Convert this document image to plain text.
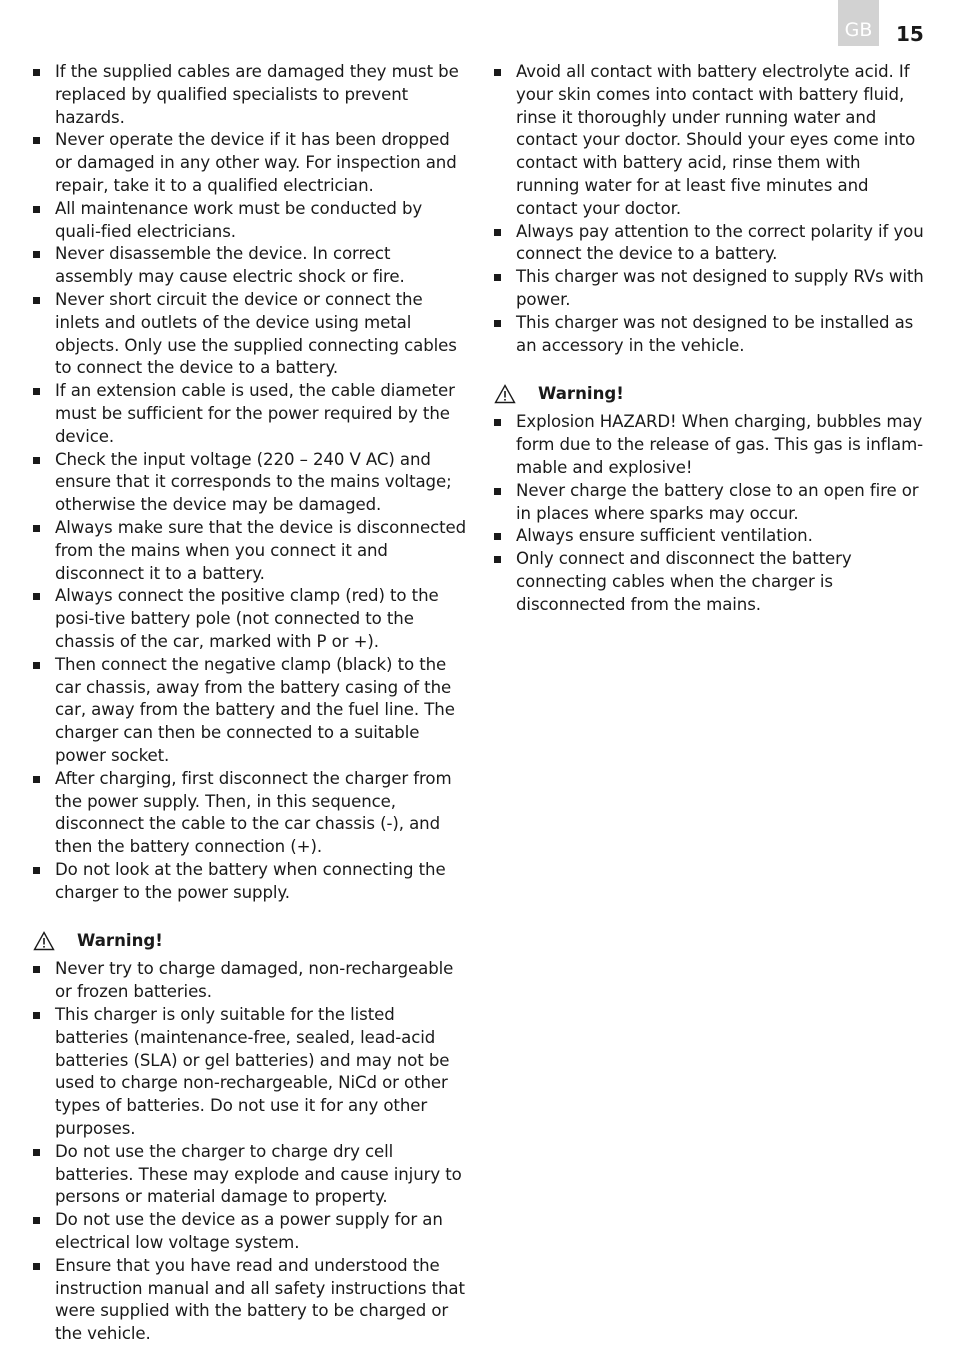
GB	15
If the supplied cables are damaged they must be replaced by qualified specialists to prevent hazards.
Never operate the device if it has been dropped or damaged in any other way. For inspection and repair, take it to a qualified electrician.
All maintenance work must be conducted by quali-fied electricians.
Never disassemble the device. In correct assembly may cause electric shock or fire.
Never short circuit the device or connect the inlets and outlets of the device using metal objects. Only use the supplied connecting cables to connect the device to a battery.
If an extension cable is used, the cable diameter must be sufficient for the power required by the device.
Check the input voltage (220 – 240 V AC) and ensure that it corresponds to the mains voltage; otherwise the device may be damaged.
Always make sure that the device is disconnected from the mains when you connect it and disconnect it to a battery.
Always connect the positive clamp (red) to the posi-tive battery pole (not connected to the chassis of the car, marked with P or +).
Then connect the negative clamp (black) to the car chassis, away from the battery casing of the car, away from the battery and the fuel line. The charger can then be connected to a suitable power socket.
After charging, first disconnect the charger from the power supply. Then, in this sequence, disconnect the cable to the car chassis (-), and then the battery connection (+).
Do not look at the battery when connecting the charger to the power supply.
Warning!
Never try to charge damaged, non-rechargeable or frozen batteries.
This charger is only suitable for the listed batteries (maintenance-free, sealed, lead-acid batteries (SLA) or gel batteries) and may not be used to charge non-rechargeable, NiCd or other types of batteries. Do not use it for any other purposes.
Do not use the charger to charge dry cell batteries. These may explode and cause injury to persons or material damage to property.
Do not use the device as a power supply for an electrical low voltage system.
Ensure that you have read and understood the instruction manual and all safety instructions that were supplied with the battery to be charged or the vehicle.
Avoid all contact with battery electrolyte acid. If your skin comes into contact with battery fluid, rinse it thoroughly under running water and contact your doctor. Should your eyes come into contact with battery acid, rinse them with running water for at least five minutes and contact your doctor.
Always pay attention to the correct polarity if you connect the device to a battery.
This charger was not designed to supply RVs with power.
This charger was not designed to be installed as an accessory in the vehicle.
Warning!
Explosion HAZARD! When charging, bubbles may form due to the release of gas. This gas is inflam-mable and explosive!
Never charge the battery close to an open fire or in places where sparks may occur.
Always ensure sufficient ventilation.
Only connect and disconnect the battery connecting cables when the charger is disconnected from the mains.
